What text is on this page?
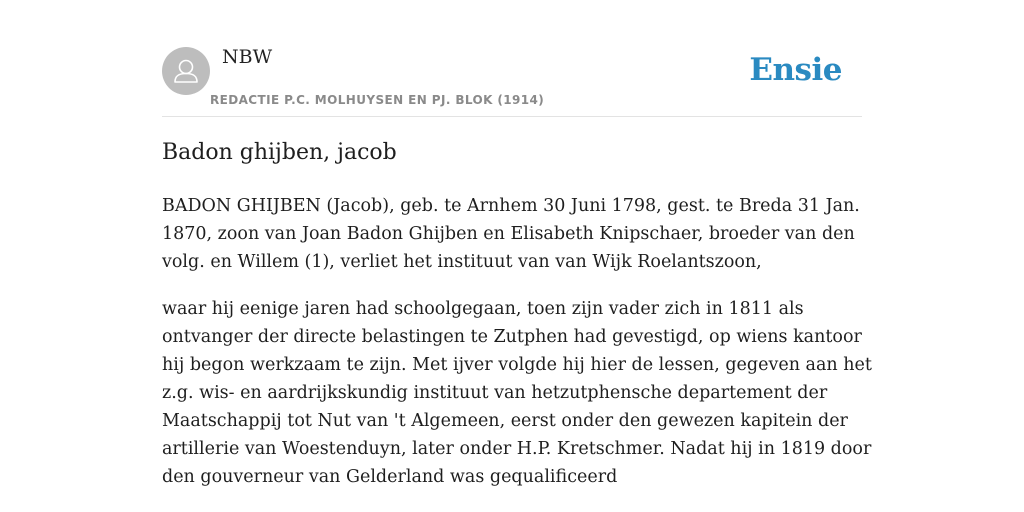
NBW
REDACTIE P.C. MOLHUYSEN EN PJ. BLOK (1914)
Ensie
Badon ghijben, jacob

BADON GHIJBEN (Jacob), geb. te Arnhem 30 Juni 1798, gest. te Breda 31 Jan. 1870, zoon van Joan Badon Ghijben en Elisabeth Knipschaer, broeder van den volg. en Willem (1), verliet het instituut van van Wijk Roelantszoon,

waar hij eenige jaren had schoolgegaan, toen zijn vader zich in 1811 als ontvanger der directe belastingen te Zutphen had gevestigd, op wiens kantoor hij begon werkzaam te zijn. Met ijver volgde hij hier de lessen, gegeven aan het z.g. wis- en aardrijkskundig instituut van hetzutphensche departement der Maatschappij tot Nut van 't Algemeen, eerst onder den gewezen kapitein der artillerie van Woestenduyn, later onder H.P. Kretschmer. Nadat hij in 1819 door den gouverneur van Gelderland was gequalificeerd
